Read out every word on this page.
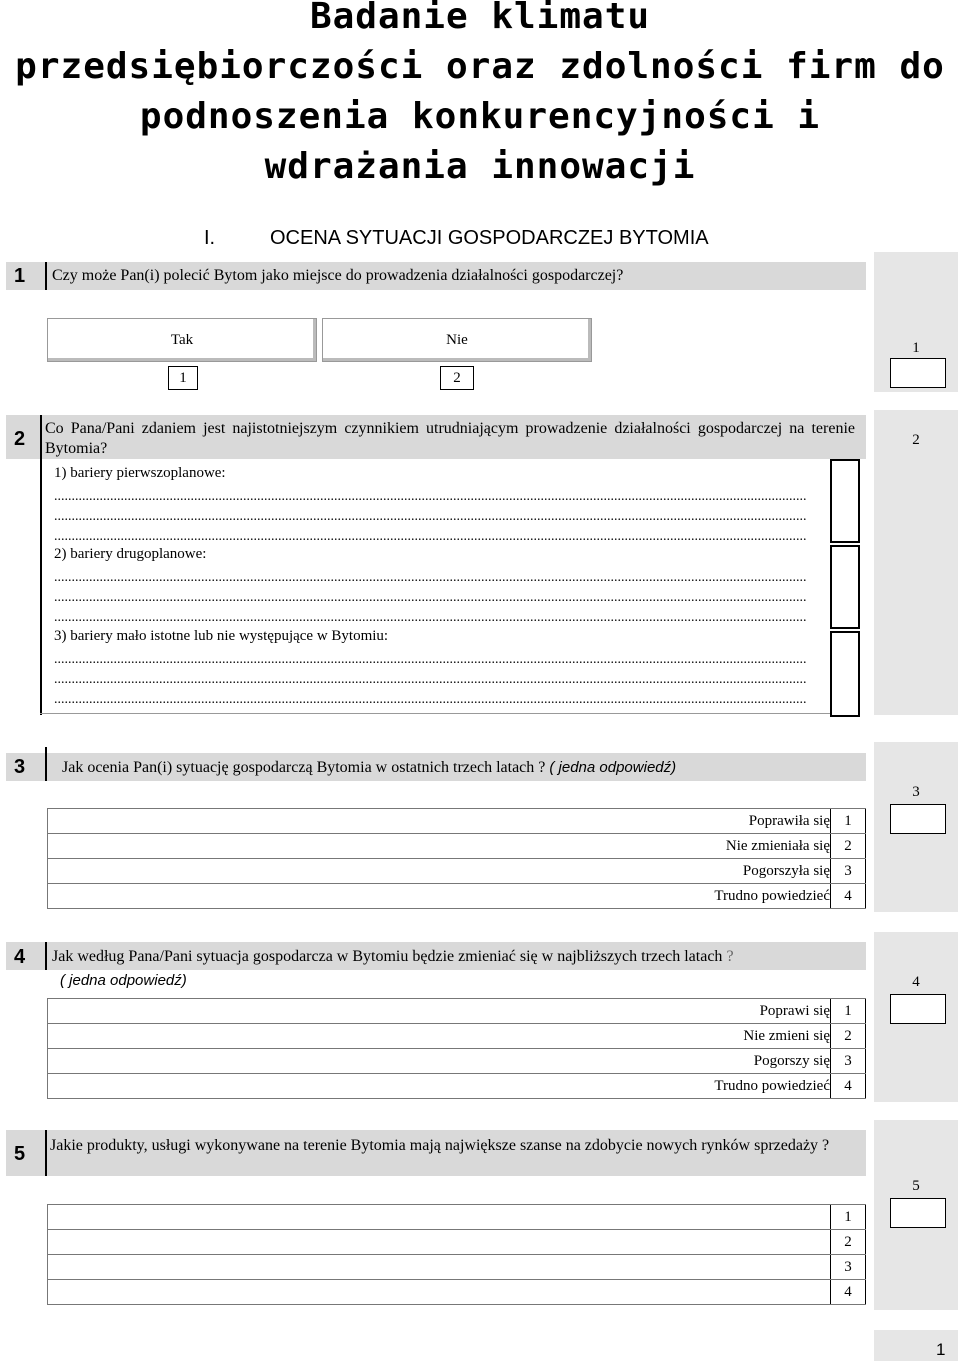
Badanie klimatu
przedsiębiorczości oraz zdolności firm do
podnoszenia konkurencyjności i
wdrażania innowacji
I.	OCENA SYTUACJI GOSPODARCZEJ BYTOMIA
1 Czy może Pan(i) polecić Bytom jako miejsce do prowadzenia działalności gospodarczej?
Tak	Nie
1	2
1
2 Co Pana/Pani zdaniem jest najistotniejszym czynnikiem utrudniającym prowadzenie działalności gospodarczej na terenie Bytomia?
1) bariery pierwszoplanowe:
.......................................................................................................................................................................................................................
.......................................................................................................................................................................................................................
.......................................................................................................................................................................................................................
2) bariery drugoplanowe:
.......................................................................................................................................................................................................................
.......................................................................................................................................................................................................................
.......................................................................................................................................................................................................................
3) bariery mało istotne lub nie występujące w Bytomiu:
.......................................................................................................................................................................................................................
.......................................................................................................................................................................................................................
.......................................................................................................................................................................................................................
2
3 Jak ocenia Pan(i) sytuację gospodarczą Bytomia w ostatnich trzech latach ? ( jedna odpowiedź)
Poprawiła się 1
Nie zmieniała się 2
Pogorszyła się 3
Trudno powiedzieć 4
3
4 Jak według Pana/Pani sytuacja gospodarcza w Bytomiu będzie zmieniać się w najbliższych trzech latach ?
( jedna odpowiedź)
Poprawi się 1
Nie zmieni się 2
Pogorszy się 3
Trudno powiedzieć 4
4
5 Jakie produkty, usługi wykonywane na terenie Bytomia mają największe szanse na zdobycie nowych rynków sprzedaży ?
1
2
3
4
5
1
